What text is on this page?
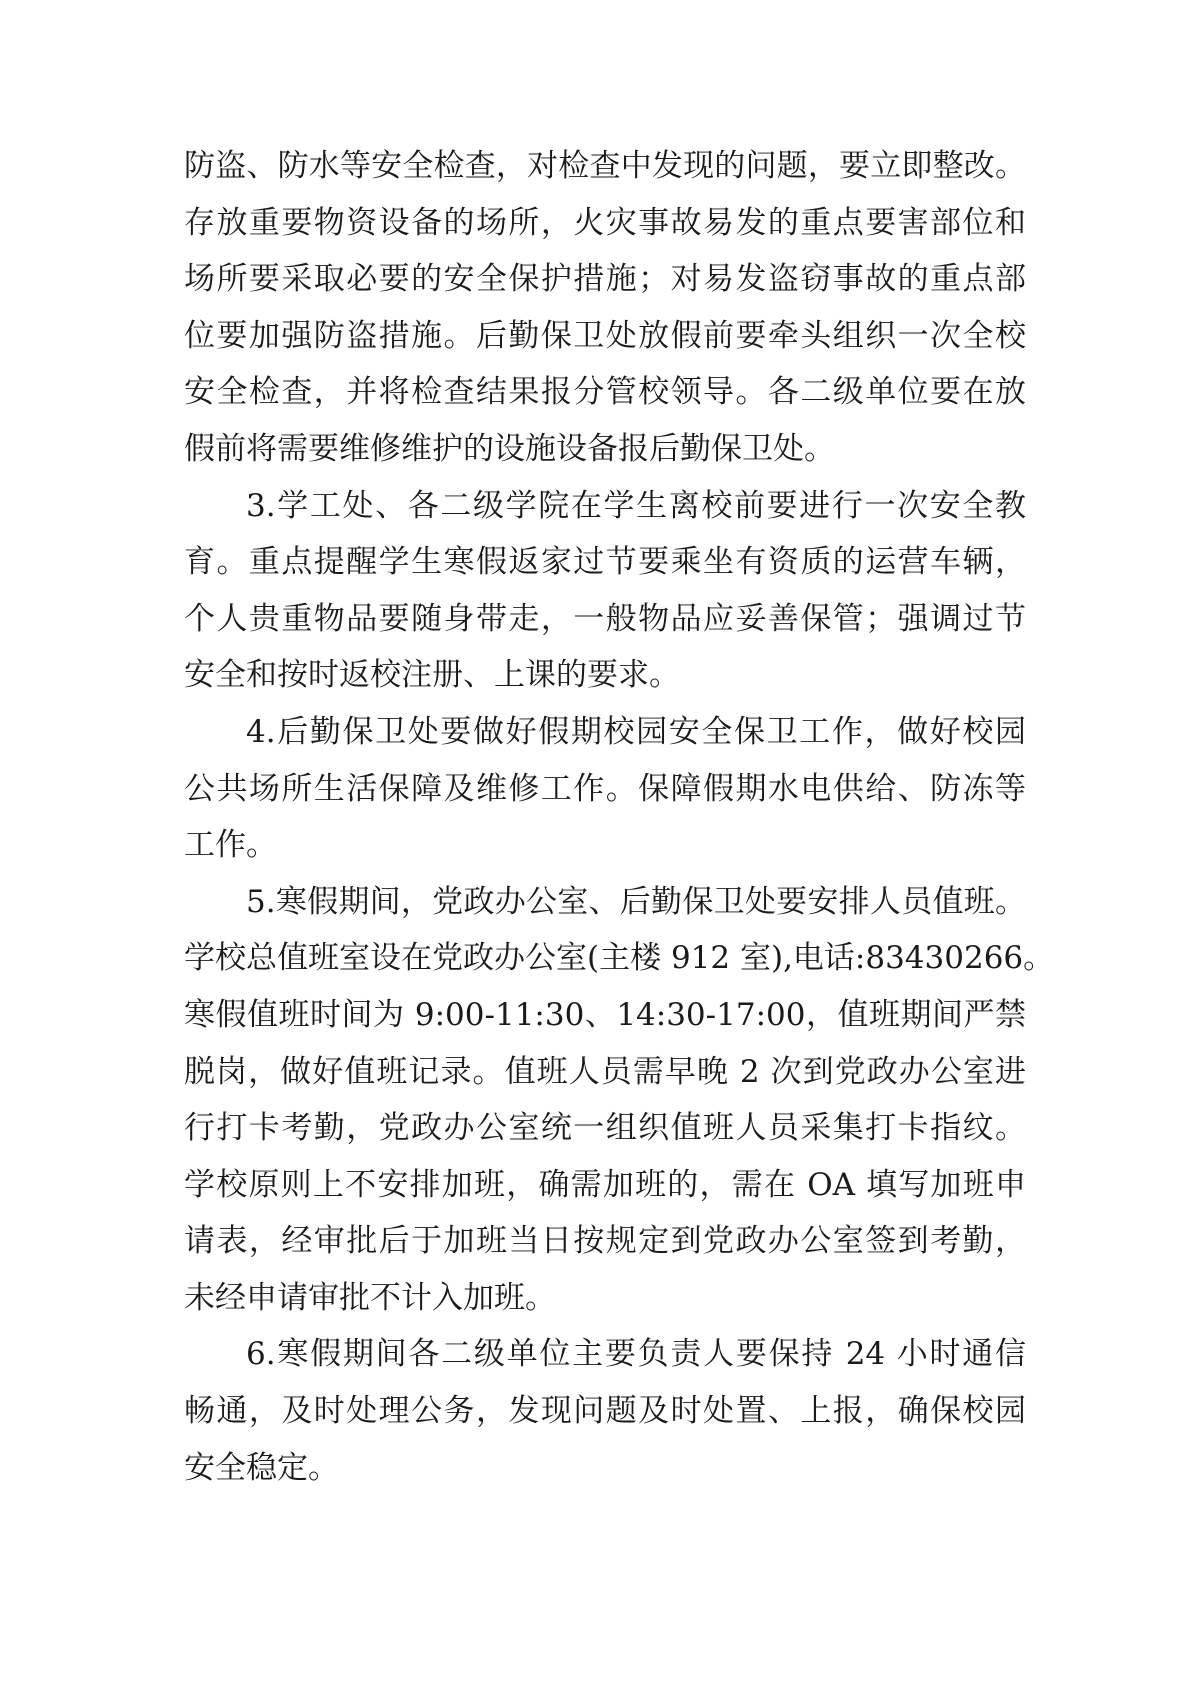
防盗、防水等安全检查，对检查中发现的问题，要立即整改。
存放重要物资设备的场所，火灾事故易发的重点要害部位和
场所要采取必要的安全保护措施；对易发盗窃事故的重点部
位要加强防盗措施。后勤保卫处放假前要牵头组织一次全校
安全检查，并将检查结果报分管校领导。各二级单位要在放
假前将需要维修维护的设施设备报后勤保卫处。
3.学工处、各二级学院在学生离校前要进行一次安全教
育。重点提醒学生寒假返家过节要乘坐有资质的运营车辆，
个人贵重物品要随身带走，一般物品应妥善保管；强调过节
安全和按时返校注册、上课的要求。
4.后勤保卫处要做好假期校园安全保卫工作，做好校园
公共场所生活保障及维修工作。保障假期水电供给、防冻等
工作。
5.寒假期间，党政办公室、后勤保卫处要安排人员值班。
学校总值班室设在党政办公室(主楼 912 室),电话:83430266。
寒假值班时间为 9:00-11:30、14:30-17:00，值班期间严禁
脱岗，做好值班记录。值班人员需早晚 2 次到党政办公室进
行打卡考勤，党政办公室统一组织值班人员采集打卡指纹。
学校原则上不安排加班，确需加班的，需在 OA 填写加班申
请表，经审批后于加班当日按规定到党政办公室签到考勤，
未经申请审批不计入加班。
6.寒假期间各二级单位主要负责人要保持 24 小时通信
畅通，及时处理公务，发现问题及时处置、上报，确保校园
安全稳定。
